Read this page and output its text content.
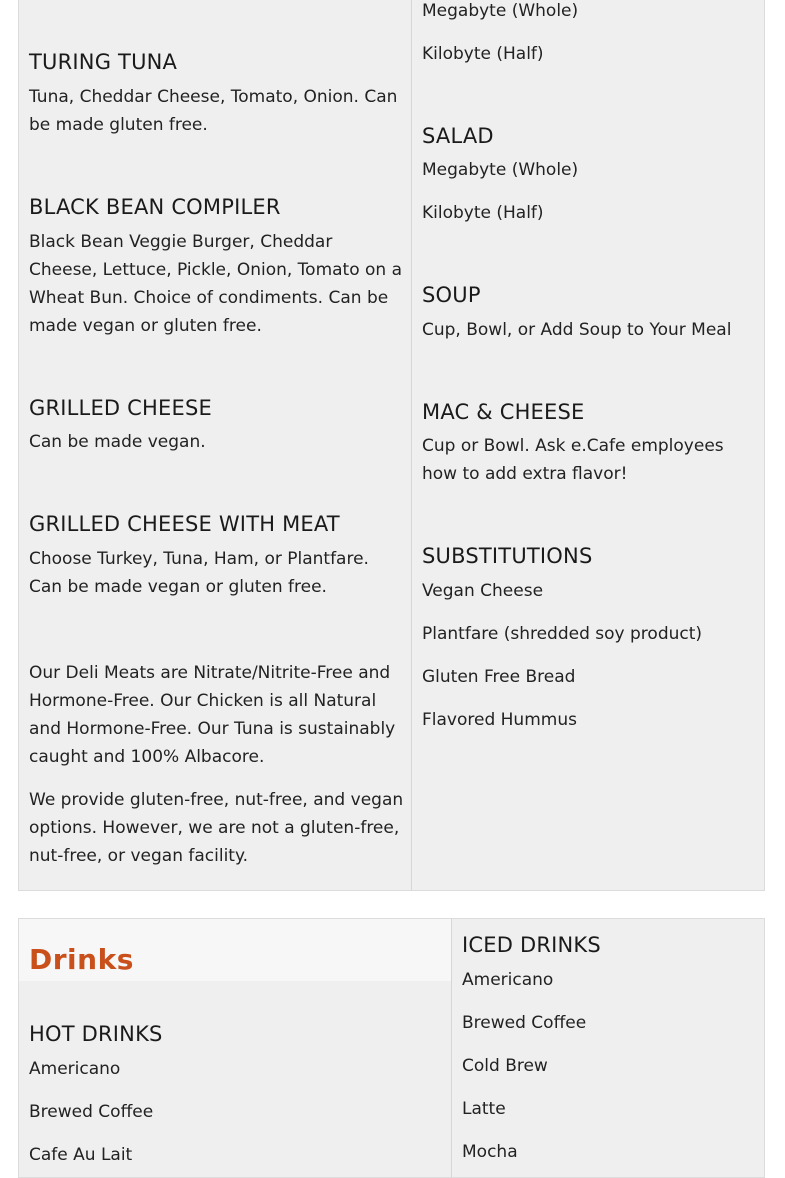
TURING TUNA
Tuna, Cheddar Cheese, Tomato, Onion. Can be made gluten free.
BLACK BEAN COMPILER
Black Bean Veggie Burger, Cheddar Cheese, Lettuce, Pickle, Onion, Tomato on a Wheat Bun. Choice of condiments. Can be made vegan or gluten free.
GRILLED CHEESE
Can be made vegan.
GRILLED CHEESE WITH MEAT
Choose Turkey, Tuna, Ham, or Plantfare. Can be made vegan or gluten free.
Our Deli Meats are Nitrate/Nitrite-Free and Hormone-Free. Our Chicken is all Natural and Hormone-Free. Our Tuna is sustainably caught and 100% Albacore.
We provide gluten-free, nut-free, and vegan options. However, we are not a gluten-free, nut-free, or vegan facility.
Megabyte (Whole)
Kilobyte (Half)
SALAD
Megabyte (Whole)
Kilobyte (Half)
SOUP
Cup, Bowl, or Add Soup to Your Meal
MAC & CHEESE
Cup or Bowl. Ask e.Cafe employees how to add extra flavor!
SUBSTITUTIONS
Vegan Cheese
Plantfare (shredded soy product)
Gluten Free Bread
Flavored Hummus
Drinks
HOT DRINKS
Americano
Brewed Coffee
Cafe Au Lait
ICED DRINKS
Americano
Brewed Coffee
Cold Brew
Latte
Mocha
